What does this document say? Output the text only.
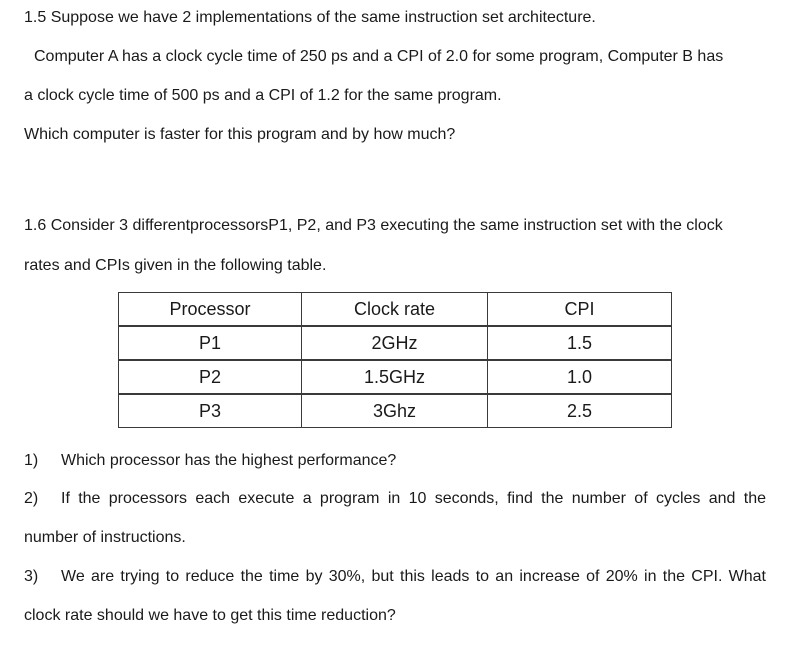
1.5 Suppose we have 2 implementations of the same instruction set architecture.
Computer A has a clock cycle time of 250 ps and a CPI of 2.0 for some program, Computer B has
a clock cycle time of 500 ps and a CPI of 1.2 for the same program.
Which computer is faster for this program and by how much?
1.6 Consider 3 differentprocessorsP1, P2, and P3 executing the same instruction set with the clock
rates and CPIs given in the following table.
Processor	Clock rate	CPI
P1	2GHz	1.5
P2	1.5GHz	1.0
P3	3Ghz	2.5
1)	Which processor has the highest performance?
2)	If the processors each execute a program in 10 seconds, find the number of cycles and the
number of instructions.
3)	We are trying to reduce the time by 30%, but this leads to an increase of 20% in the CPI. What
clock rate should we have to get this time reduction?
